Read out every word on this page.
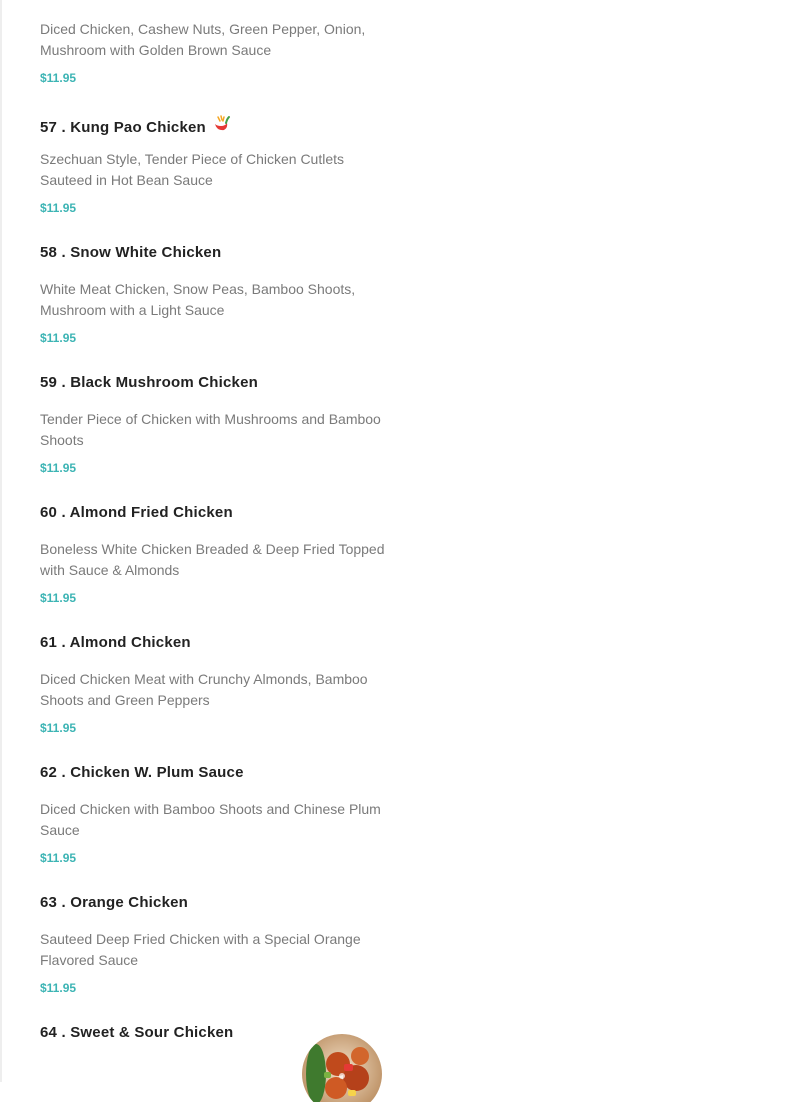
Diced Chicken, Cashew Nuts, Green Pepper, Onion, Mushroom with Golden Brown Sauce
$11.95
57 . Kung Pao Chicken
Szechuan Style, Tender Piece of Chicken Cutlets Sauteed in Hot Bean Sauce
$11.95
58 . Snow White Chicken
White Meat Chicken, Snow Peas, Bamboo Shoots, Mushroom with a Light Sauce
$11.95
59 . Black Mushroom Chicken
Tender Piece of Chicken with Mushrooms and Bamboo Shoots
$11.95
60 . Almond Fried Chicken
Boneless White Chicken Breaded & Deep Fried Topped with Sauce & Almonds
$11.95
61 . Almond Chicken
Diced Chicken Meat with Crunchy Almonds, Bamboo Shoots and Green Peppers
$11.95
62 . Chicken W. Plum Sauce
Diced Chicken with Bamboo Shoots and Chinese Plum Sauce
$11.95
63 . Orange Chicken
Sauteed Deep Fried Chicken with a Special Orange Flavored Sauce
$11.95
64 . Sweet & Sour Chicken
